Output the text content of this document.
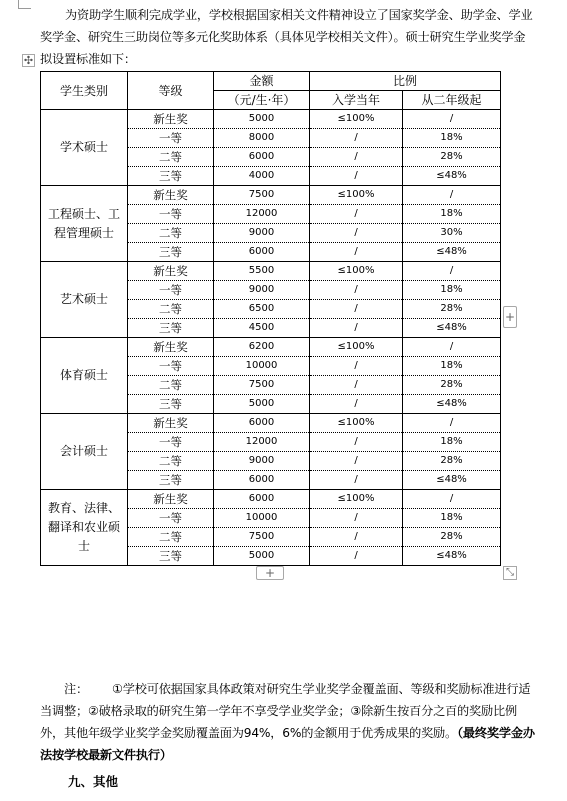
为资助学生顺利完成学业，学校根据国家相关文件精神设立了国家奖学金、助学金、学业奖学金、研究生三助岗位等多元化奖助体系（具体见学校相关文件）。硕士研究生学业奖学金拟设置标准如下：

✣
学生类别	等级	金额	比例	
		（元/生·年）	入学当年	从二年级起
学术硕士	新生奖	5000	≤100%	/
	一等	8000	/	18%
	二等	6000	/	28%
	三等	4000	/	≤48%
工程硕士、工程管理硕士	新生奖	7500	≤100%	/
	一等	12000	/	18%
	二等	9000	/	30%
	三等	6000	/	≤48%
艺术硕士	新生奖	5500	≤100%	/
	一等	9000	/	18%
	二等	6500	/	28%
	三等	4500	/	≤48%
体育硕士	新生奖	6200	≤100%	/
	一等	10000	/	18%
	二等	7500	/	28%
	三等	5000	/	≤48%
会计硕士	新生奖	6000	≤100%	/
	一等	12000	/	18%
	二等	9000	/	28%
	三等	6000	/	≤48%
教育、法律、翻译和农业硕士	新生奖	6000	≤100%	/
	一等	10000	/	18%
	二等	7500	/	28%
	三等	5000	/	≤48%
+
+	⤡

注： ①学校可依据国家具体政策对研究生学业奖学金覆盖面、等级和奖励标准进行适当调整；②破格录取的研究生第一学年不享受学业奖学金；③除新生按百分之百的奖励比例外，其他年级学业奖学金奖励覆盖面为94%，6%的金额用于优秀成果的奖励。（最终奖学金办法按学校最新文件执行）

九、其他
